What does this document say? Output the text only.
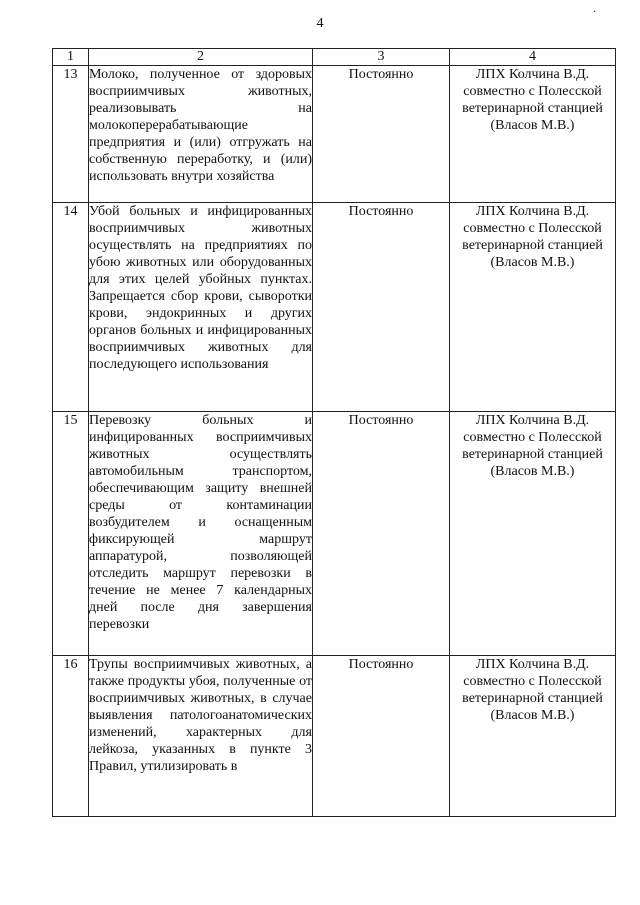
4
.
1	2	3	4
13	Молоко, полученное от здоровых восприимчивых животных, реализовывать на молокоперерабатывающие предприятия и (или) отгружать на собственную переработку, и (или) использовать внутри хозяйства	Постоянно	ЛПХ Колчина В.Д. совместно с Полесской ветеринарной станцией (Власов М.В.)
14	Убой больных и инфицированных восприимчивых животных осуществлять на предприятиях по убою животных или оборудованных для этих целей убойных пунктах. Запрещается сбор крови, сыворотки крови, эндокринных и других органов больных и инфицированных восприимчивых животных для последующего использования	Постоянно	ЛПХ Колчина В.Д. совместно с Полесской ветеринарной станцией (Власов М.В.)
15	Перевозку больных и инфицированных восприимчивых животных осуществлять автомобильным транспортом, обеспечивающим защиту внешней среды от контаминации возбудителем и оснащенным фиксирующей маршрут аппаратурой, позволяющей отследить маршрут перевозки в течение не менее 7 календарных дней после дня завершения перевозки	Постоянно	ЛПХ Колчина В.Д. совместно с Полесской ветеринарной станцией (Власов М.В.)
16	Трупы восприимчивых животных, а также продукты убоя, полученные от восприимчивых животных, в случае выявления патологоанатомических изменений, характерных для лейкоза, указанных в пункте 3 Правил, утилизировать в	Постоянно	ЛПХ Колчина В.Д. совместно с Полесской ветеринарной станцией (Власов М.В.)
